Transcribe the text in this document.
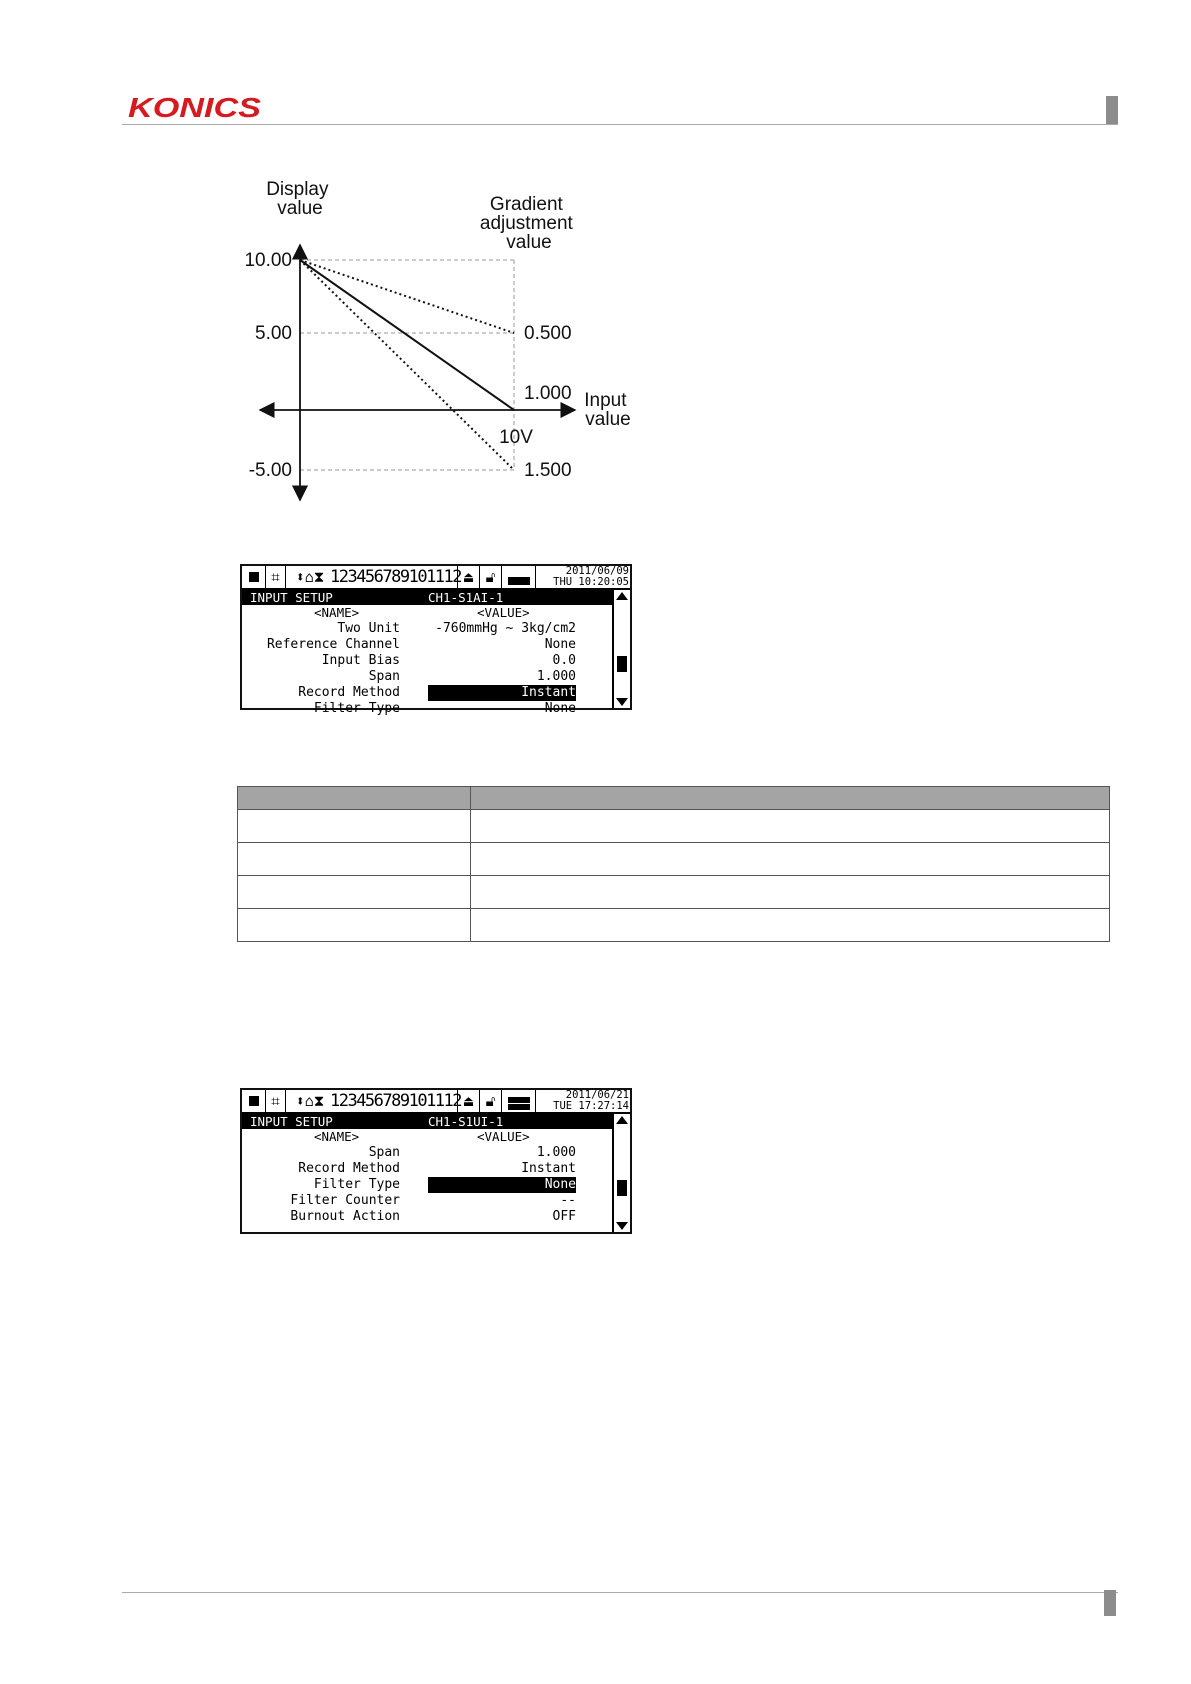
KONICS
Display value	Gradient adjustment value
Input value
10.00
5.00
-5.00
10V
0.500
1.000
1.500
⌗	⬍⌂⧗ 123456789101112 ⏏ 🔓︎	2011/06/09
THU 10:20:05
INPUT SETUP	CH1-S1AI-1
<NAME>	<VALUE>
Two Unit	-760mmHg ~ 3kg/cm2
Reference Channel	None
Input Bias	0.0
Span	1.000
Record Method	Instant
Filter Type	None

⌗	⬍⌂⧗ 123456789101112 ⏏ 🔓︎	2011/06/21
TUE 17:27:14
INPUT SETUP	CH1-S1UI-1
<NAME>	<VALUE>
Span	1.000
Record Method	Instant
Filter Type	None
Filter Counter	--
Burnout Action	OFF
